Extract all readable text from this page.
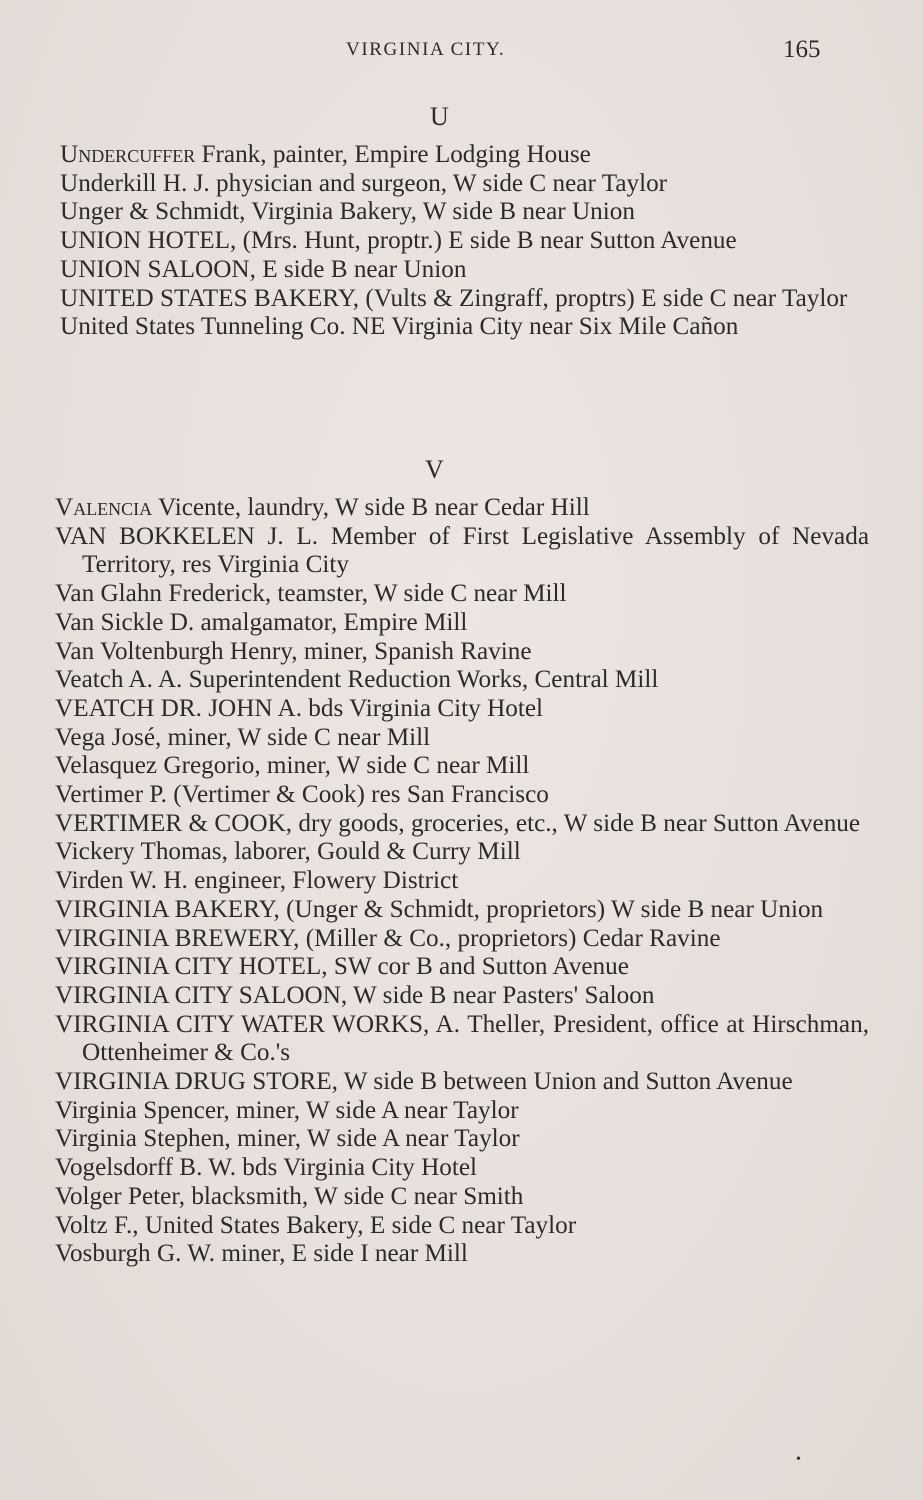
VIRGINIA CITY.	165
U

Undercuffer Frank, painter, Empire Lodging House

Underkill H. J. physician and surgeon, W side C near Taylor

Unger & Schmidt, Virginia Bakery, W side B near Union

UNION HOTEL, (Mrs. Hunt, proptr.) E side B near Sutton Avenue

UNION SALOON, E side B near Union

UNITED STATES BAKERY, (Vults & Zingraff, proptrs) E side C near Taylor

United States Tunneling Co. NE Virginia City near Six Mile Cañon

V

Valencia Vicente, laundry, W side B near Cedar Hill

VAN BOKKELEN J. L. Member of First Legislative Assembly of Nevada Territory, res Virginia City

Van Glahn Frederick, teamster, W side C near Mill

Van Sickle D. amalgamator, Empire Mill

Van Voltenburgh Henry, miner, Spanish Ravine

Veatch A. A. Superintendent Reduction Works, Central Mill

VEATCH DR. JOHN A. bds Virginia City Hotel

Vega José, miner, W side C near Mill

Velasquez Gregorio, miner, W side C near Mill

Vertimer P. (Vertimer & Cook) res San Francisco

VERTIMER & COOK, dry goods, groceries, etc., W side B near Sutton Avenue

Vickery Thomas, laborer, Gould & Curry Mill

Virden W. H. engineer, Flowery District

VIRGINIA BAKERY, (Unger & Schmidt, proprietors) W side B near Union

VIRGINIA BREWERY, (Miller & Co., proprietors) Cedar Ravine

VIRGINIA CITY HOTEL, SW cor B and Sutton Avenue

VIRGINIA CITY SALOON, W side B near Pasters' Saloon

VIRGINIA CITY WATER WORKS, A. Theller, President, office at Hirschman, Ottenheimer & Co.'s

VIRGINIA DRUG STORE, W side B between Union and Sutton Avenue

Virginia Spencer, miner, W side A near Taylor

Virginia Stephen, miner, W side A near Taylor

Vogelsdorff B. W. bds Virginia City Hotel

Volger Peter, blacksmith, W side C near Smith

Voltz F., United States Bakery, E side C near Taylor

Vosburgh G. W. miner, E side I near Mill

•
